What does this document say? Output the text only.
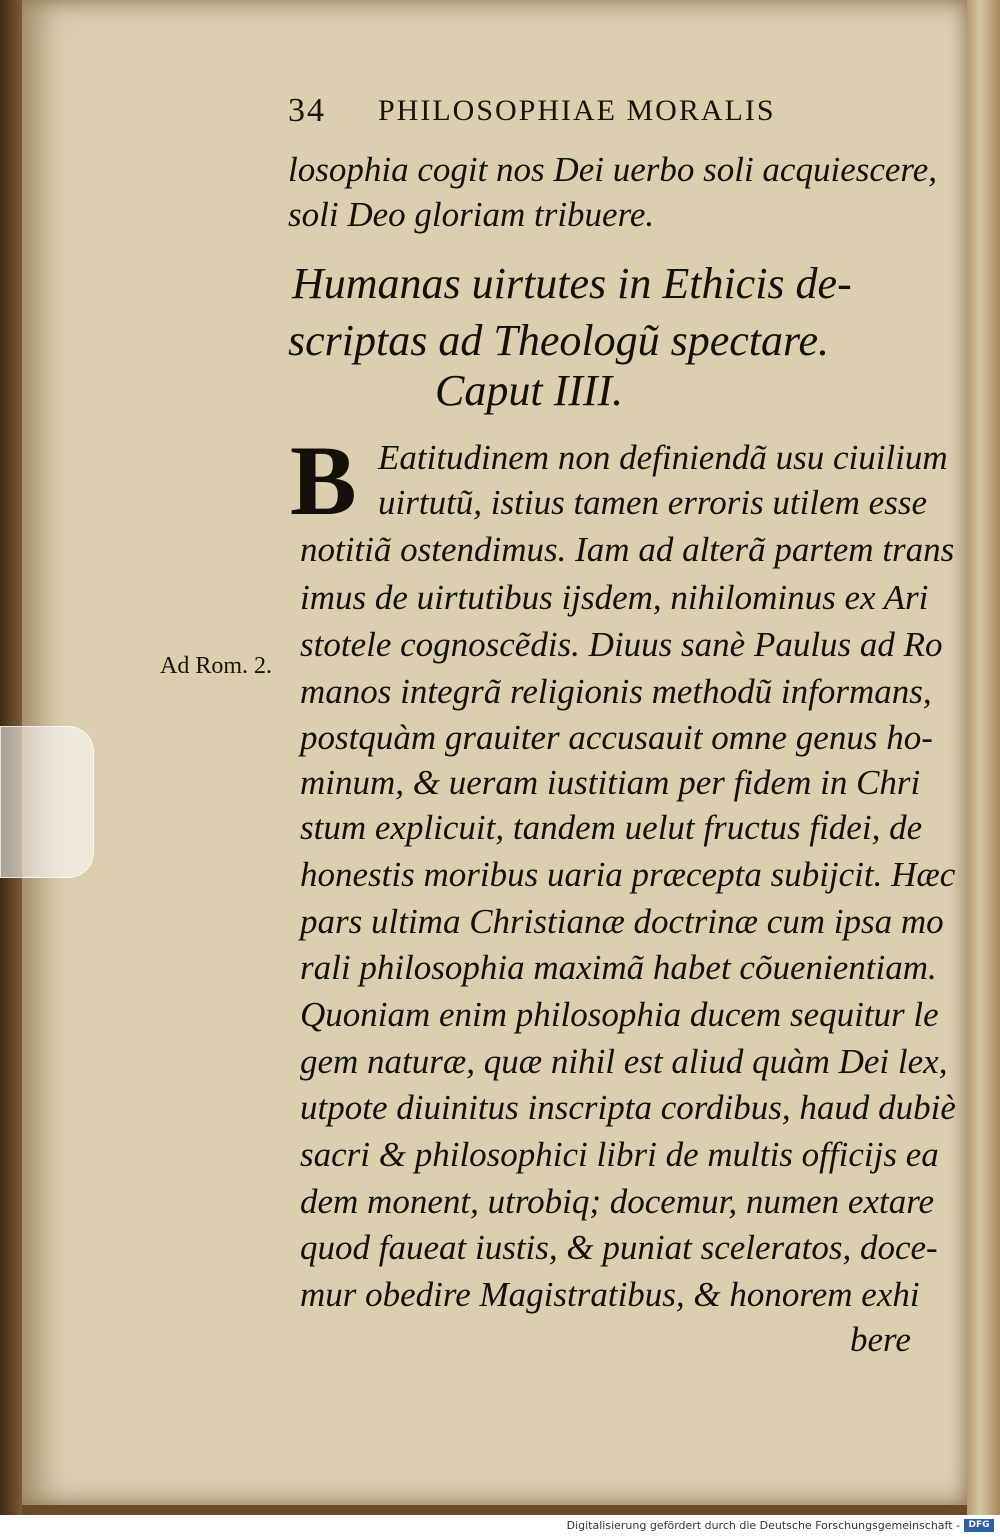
34 PHILOSOPHIAE MORALIS

losophia cogit nos Dei uerbo soli acquiescere,

soli Deo gloriam tribuere.

Humanas uirtutes in Ethicis de-

scriptas ad Theologũ spectare.

Caput IIII.

B Eatitudinem non definiendã usu ciuilium

uirtutũ, istius tamen erroris utilem esse

notitiã ostendimus. Iam ad alterã partem trans

imus de uirtutibus ijsdem, nihilominus ex Ari

stotele cognoscẽdis. Diuus sanè Paulus ad Ro

manos integrã religionis methodũ informans,

postquàm grauiter accusauit omne genus ho-

minum, & ueram iustitiam per fidem in Chri

stum explicuit, tandem uelut fructus fidei, de

honestis moribus uaria præcepta subijcit. Hæc

pars ultima Christianæ doctrinæ cum ipsa mo

rali philosophia maximã habet cõuenientiam.

Quoniam enim philosophia ducem sequitur le

gem naturæ, quæ nihil est aliud quàm Dei lex,

utpote diuinitus inscripta cordibus, haud dubiè

sacri & philosophici libri de multis officijs ea

dem monent, utrobiq; docemur, numen extare

quod faueat iustis, & puniat sceleratos, doce-

mur obedire Magistratibus, & honorem exhi

bere

Ad Rom. 2.
Digitalisierung gefördert durch die Deutsche Forschungsgemeinschaft - DFG
